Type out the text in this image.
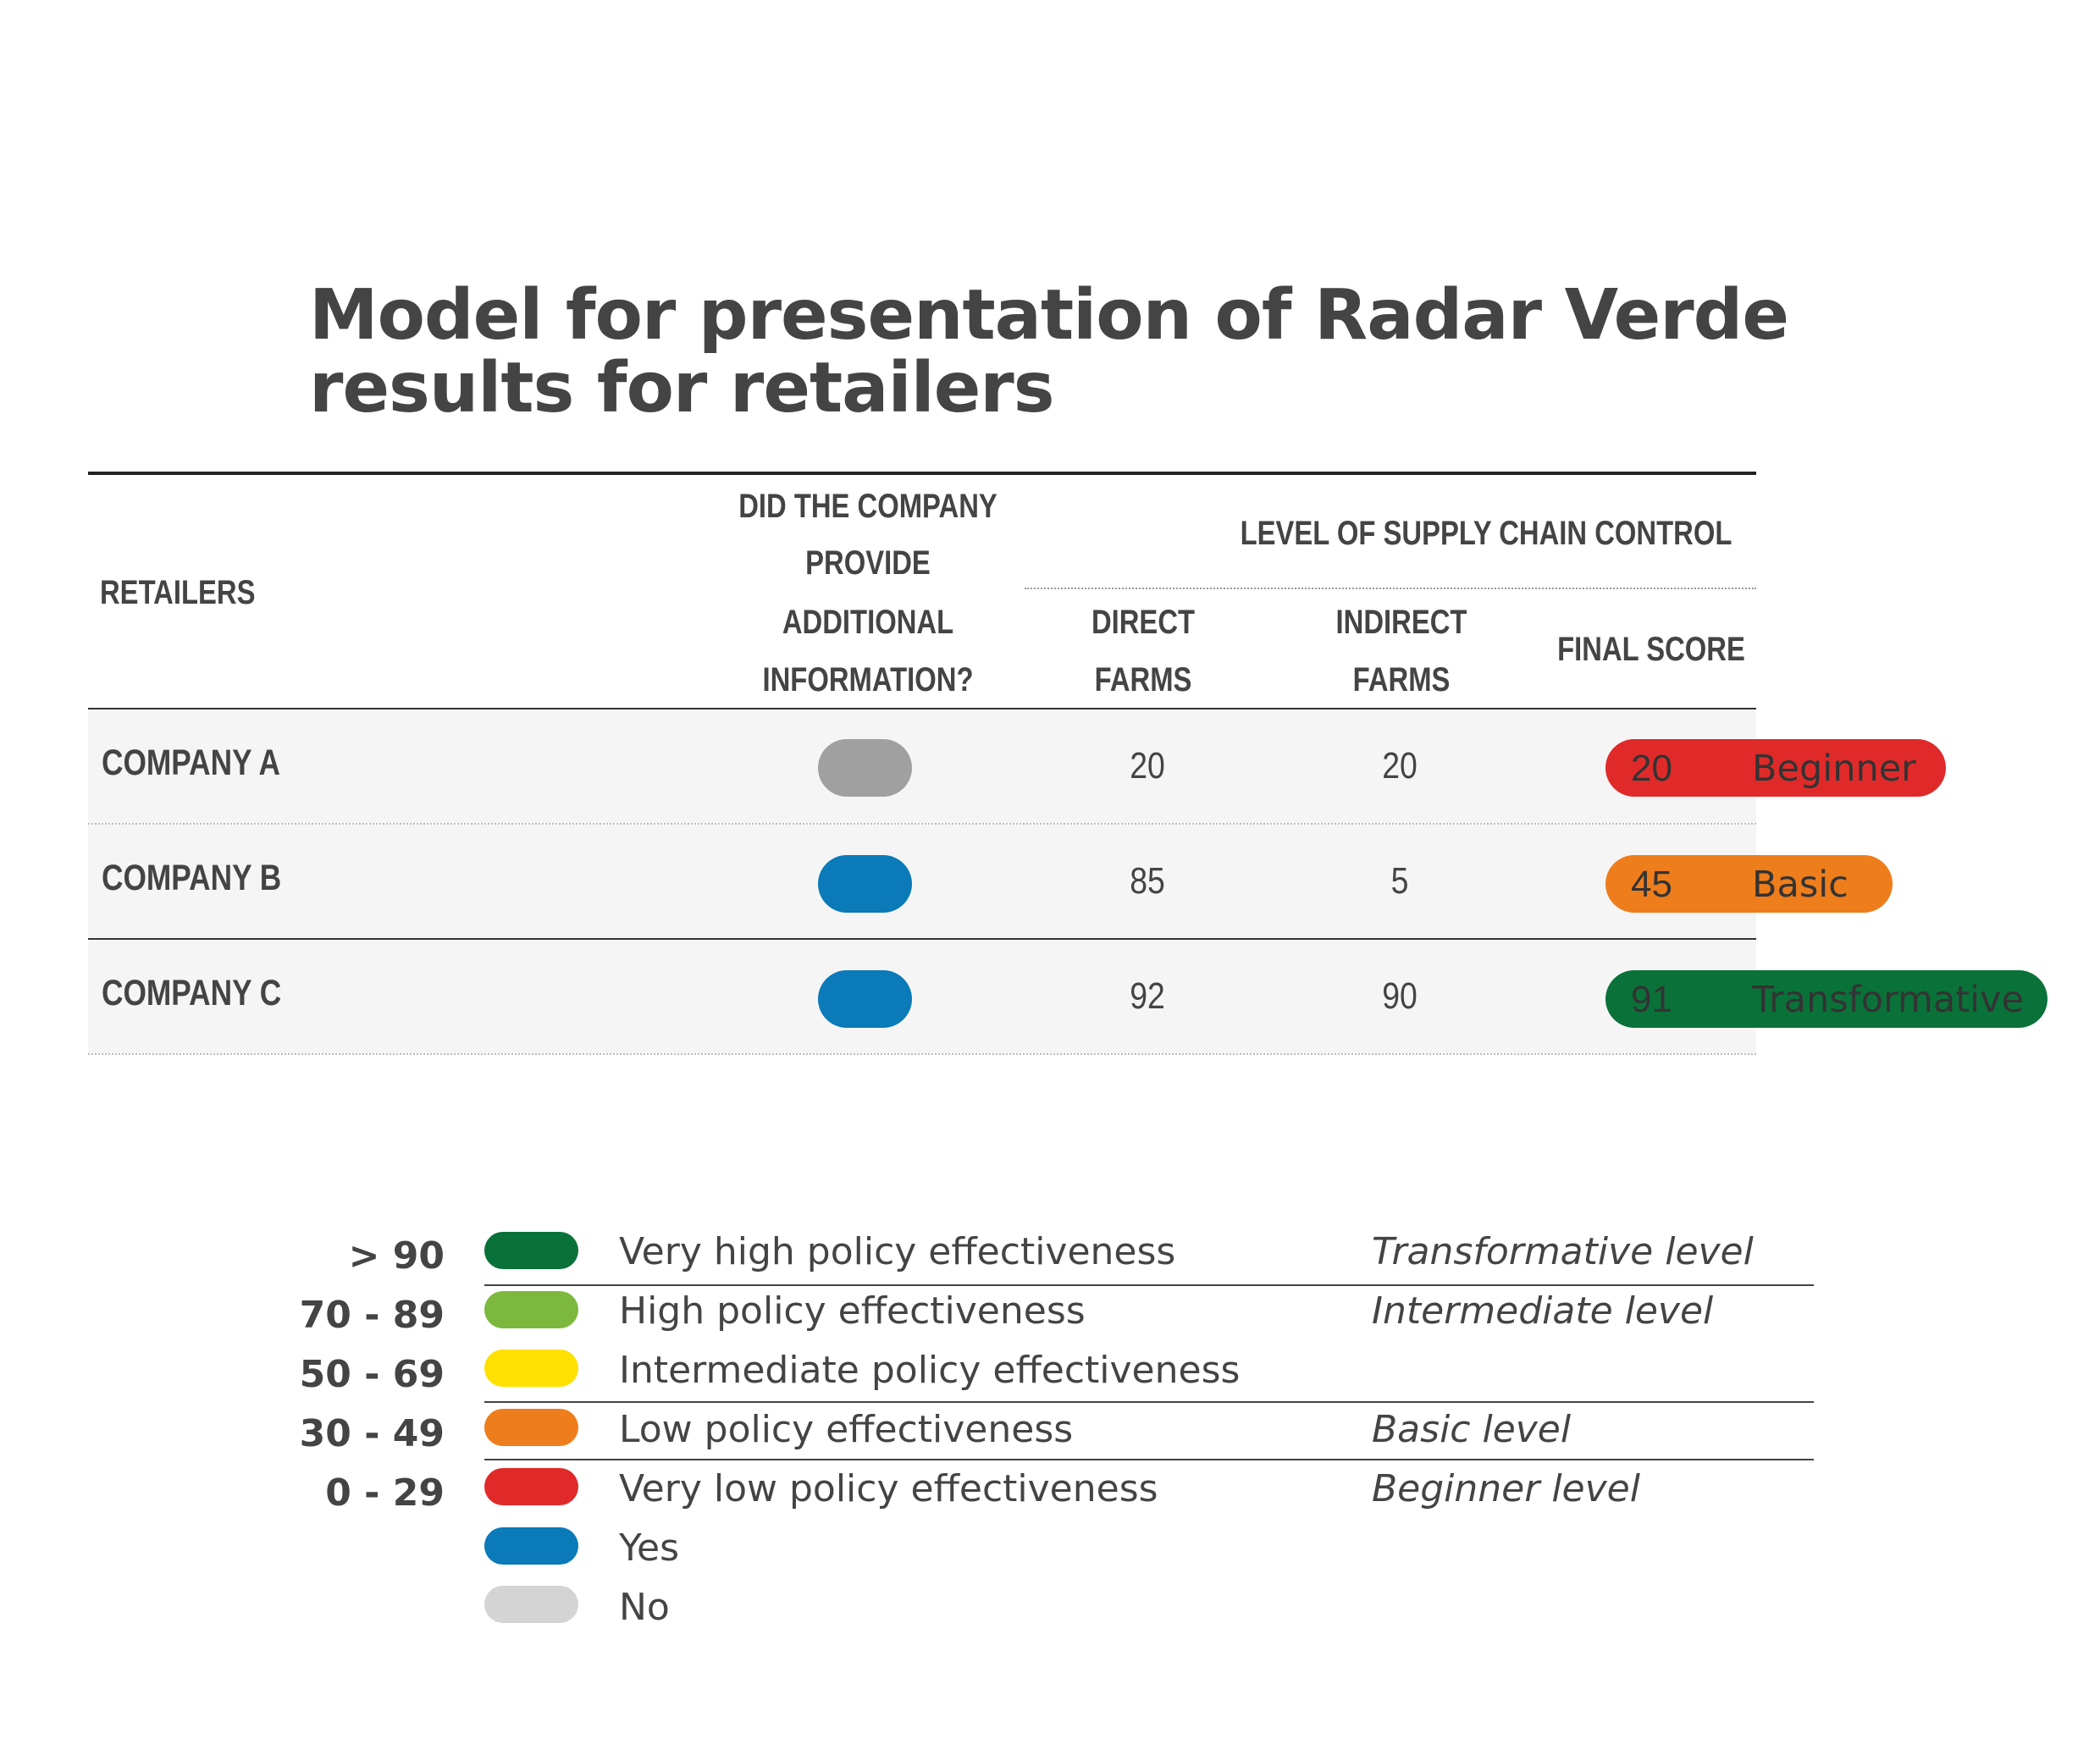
Model for presentation of Radar Verde results for retailers
RETAILERS
DID THE COMPANY
PROVIDE
ADDITIONAL
INFORMATION?
LEVEL OF SUPPLY CHAIN CONTROL
DIRECT
FARMS
INDIRECT
FARMS
FINAL SCORE
COMPANY A	20	20	20 Beginner
COMPANY B	85	5	45 Basic
COMPANY C	92	90	91 Transformative
> 90	Very high policy effectiveness	Transformative level
70 - 89	High policy effectiveness	Intermediate level
50 - 69	Intermediate policy effectiveness
30 - 49	Low policy effectiveness	Basic level
0 - 29	Very low policy effectiveness	Beginner level
Yes
No
